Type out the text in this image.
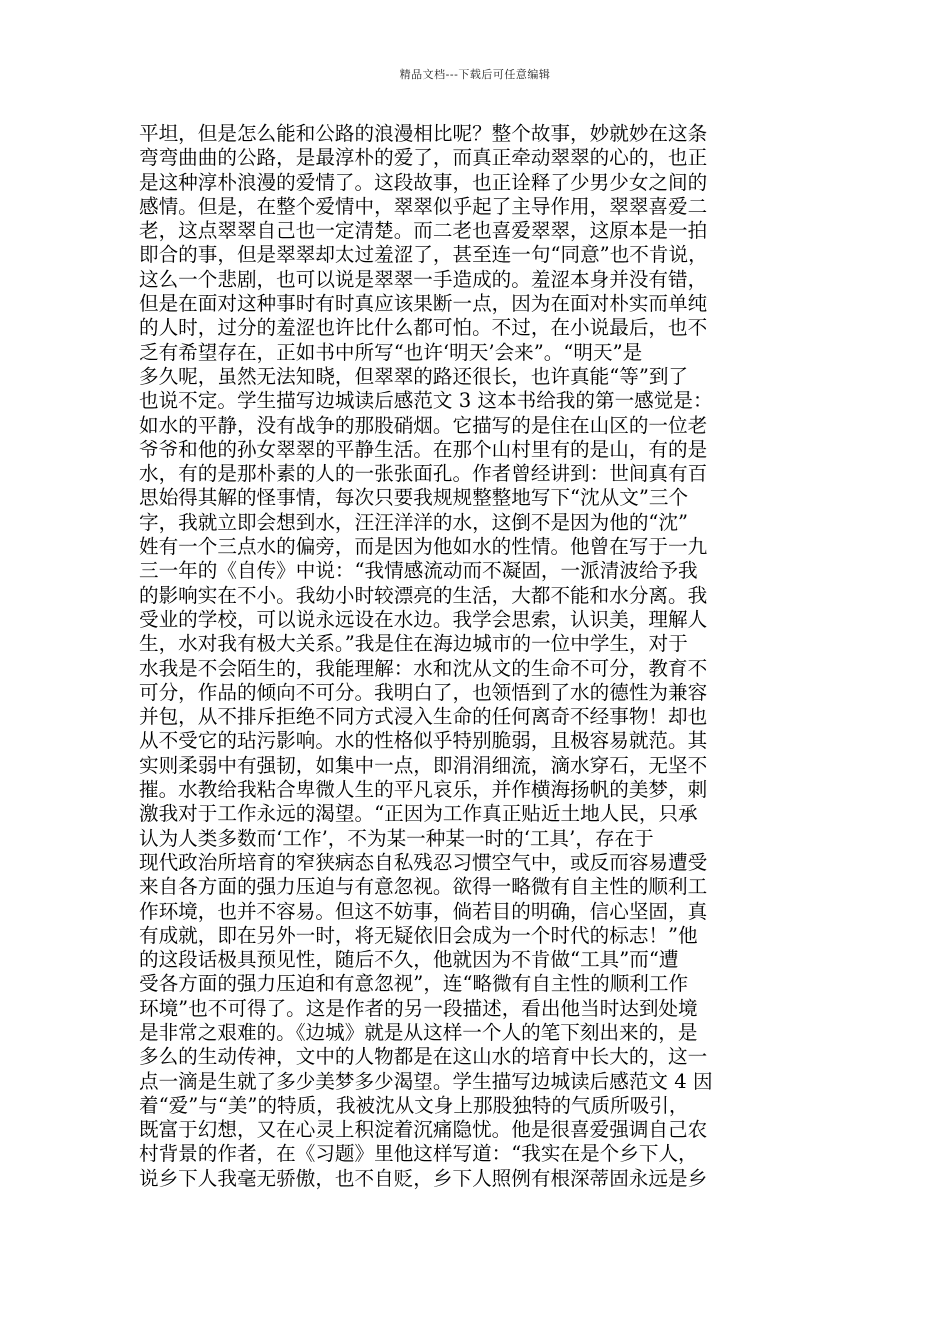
精品文档---下载后可任意编辑
平坦，但是怎么能和公路的浪漫相比呢？整个故事，妙就妙在这条
弯弯曲曲的公路，是最淳朴的爱了，而真正牵动翠翠的心的，也正
是这种淳朴浪漫的爱情了。这段故事，也正诠释了少男少女之间的
感情。但是，在整个爱情中，翠翠似乎起了主导作用，翠翠喜爱二
老，这点翠翠自己也一定清楚。而二老也喜爱翠翠，这原本是一拍
即合的事，但是翠翠却太过羞涩了，甚至连一句“同意”也不肯说，
这么一个悲剧，也可以说是翠翠一手造成的。羞涩本身并没有错，
但是在面对这种事时有时真应该果断一点，因为在面对朴实而单纯
的人时，过分的羞涩也许比什么都可怕。不过，在小说最后，也不
乏有希望存在，正如书中所写“也许‘明天’会来”。“明天”是
多久呢，虽然无法知晓，但翠翠的路还很长，也许真能“等”到了
也说不定。学生描写边城读后感范文 3 这本书给我的第一感觉是：
如水的平静，没有战争的那股硝烟。它描写的是住在山区的一位老
爷爷和他的孙女翠翠的平静生活。在那个山村里有的是山，有的是
水，有的是那朴素的人的一张张面孔。作者曾经讲到：世间真有百
思始得其解的怪事情，每次只要我规规整整地写下“沈从文”三个
字，我就立即会想到水，汪汪洋洋的水，这倒不是因为他的“沈”
姓有一个三点水的偏旁，而是因为他如水的性情。他曾在写于一九
三一年的《自传》中说：“我情感流动而不凝固，一派清波给予我
的影响实在不小。我幼小时较漂亮的生活，大都不能和水分离。我
受业的学校，可以说永远设在水边。我学会思索，认识美，理解人
生，水对我有极大关系。”我是住在海边城市的一位中学生，对于
水我是不会陌生的，我能理解：水和沈从文的生命不可分，教育不
可分，作品的倾向不可分。我明白了，也领悟到了水的德性为兼容
并包，从不排斥拒绝不同方式浸入生命的任何离奇不经事物！却也
从不受它的玷污影响。水的性格似乎特别脆弱，且极容易就范。其
实则柔弱中有强韧，如集中一点，即涓涓细流，滴水穿石，无坚不
摧。水教给我粘合卑微人生的平凡哀乐，并作横海扬帆的美梦，刺
激我对于工作永远的渴望。“正因为工作真正贴近土地人民，只承
认为人类多数而‘工作’，不为某一种某一时的‘工具’，存在于
现代政治所培育的窄狭病态自私残忍习惯空气中，或反而容易遭受
来自各方面的强力压迫与有意忽视。欲得一略微有自主性的顺利工
作环境，也并不容易。但这不妨事，倘若目的明确，信心坚固，真
有成就，即在另外一时，将无疑依旧会成为一个时代的标志！”他
的这段话极具预见性，随后不久，他就因为不肯做“工具”而“遭
受各方面的强力压迫和有意忽视”，连“略微有自主性的顺利工作
环境”也不可得了。这是作者的另一段描述，看出他当时达到处境
是非常之艰难的。《边城》就是从这样一个人的笔下刻出来的，是
多么的生动传神，文中的人物都是在这山水的培育中长大的，这一
点一滴是生就了多少美梦多少渴望。学生描写边城读后感范文 4 因
着“爱”与“美”的特质，我被沈从文身上那股独特的气质所吸引，
既富于幻想，又在心灵上积淀着沉痛隐忧。他是很喜爱强调自己农
村背景的作者，在《习题》里他这样写道：“我实在是个乡下人，
说乡下人我毫无骄傲，也不自贬，乡下人照例有根深蒂固永远是乡
